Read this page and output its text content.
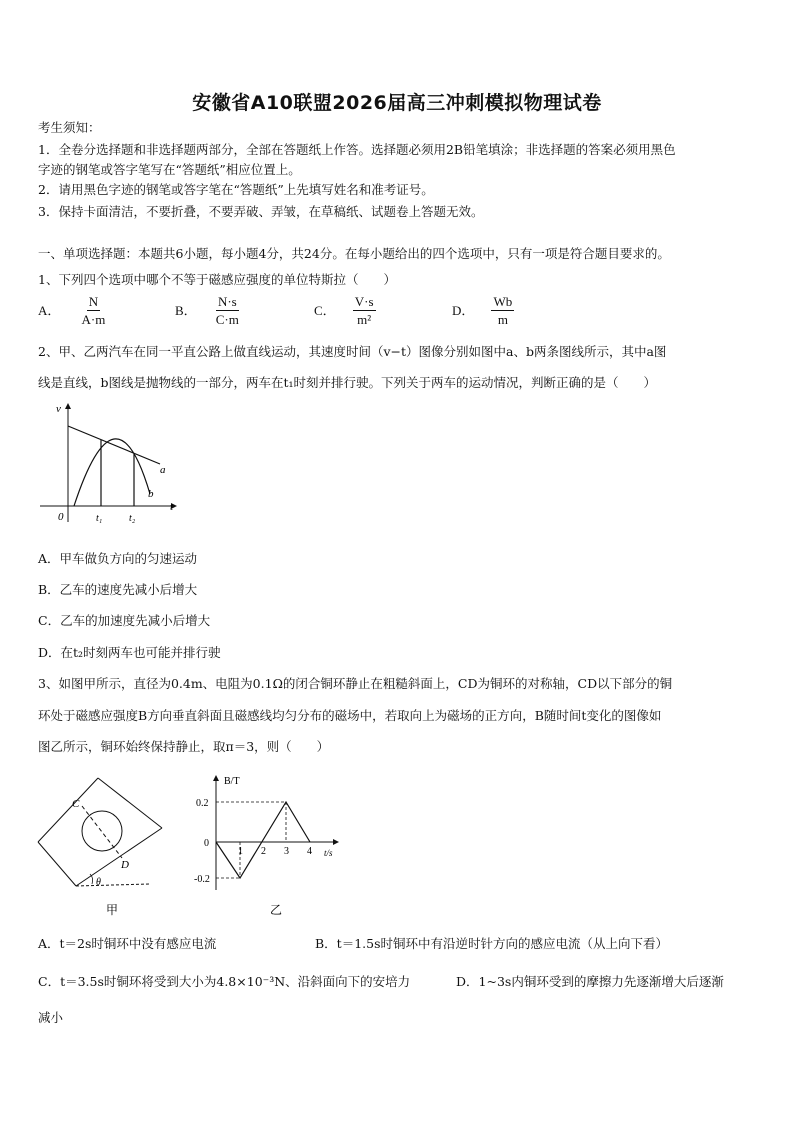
安徽省A10联盟2026届高三冲刺模拟物理试卷
考生须知：
1．全卷分选择题和非选择题两部分，全部在答题纸上作答。选择题必须用2B铅笔填涂；非选择题的答案必须用黑色
字迹的钢笔或答字笔写在“答题纸”相应位置上。
2．请用黑色字迹的钢笔或答字笔在“答题纸”上先填写姓名和准考证号。
3．保持卡面清洁，不要折叠，不要弄破、弄皱，在草稿纸、试题卷上答题无效。
一、单项选择题：本题共6小题，每小题4分，共24分。在每小题给出的四个选项中，只有一项是符合题目要求的。
1、下列四个选项中哪个不等于磁感应强度的单位特斯拉（　　）
A． $\frac{N}{A\cdot m}$	B． $\frac{N\cdot s}{C\cdot m}$	C． $\frac{V\cdot s}{\text{m²}}$	D． $\frac{Wb}{m}$
2、甲、乙两汽车在同一平直公路上做直线运动，其速度时间（v−t）图像分别如图中a、b两条图线所示，其中a图
线是直线，b图线是抛物线的一部分，两车在t₁时刻并排行驶。下列关于两车的运动情况，判断正确的是（　　）
v
t
0	t₁	t₂
a
b
A．甲车做负方向的匀速运动
B．乙车的速度先减小后增大
C．乙车的加速度先减小后增大
D．在t₂时刻两车也可能并排行驶
3、如图甲所示，直径为0.4m、电阻为0.1Ω的闭合铜环静止在粗糙斜面上，CD为铜环的对称轴，CD以下部分的铜
环处于磁感应强度B方向垂直斜面且磁感线均匀分布的磁场中，若取向上为磁场的正方向，B随时间t变化的图像如
图乙所示，铜环始终保持静止，取π＝3，则（　　）
C
D
θ
甲
B/T
t/s
0.2
-0.2
0
1 2 3 4
乙
A．t＝2s时铜环中没有感应电流	B．t＝1.5s时铜环中有沿逆时针方向的感应电流（从上向下看）
C．t＝3.5s时铜环将受到大小为4.8×10⁻³N、沿斜面向下的安培力	D．1~3s内铜环受到的摩擦力先逐渐增大后逐渐
减小
